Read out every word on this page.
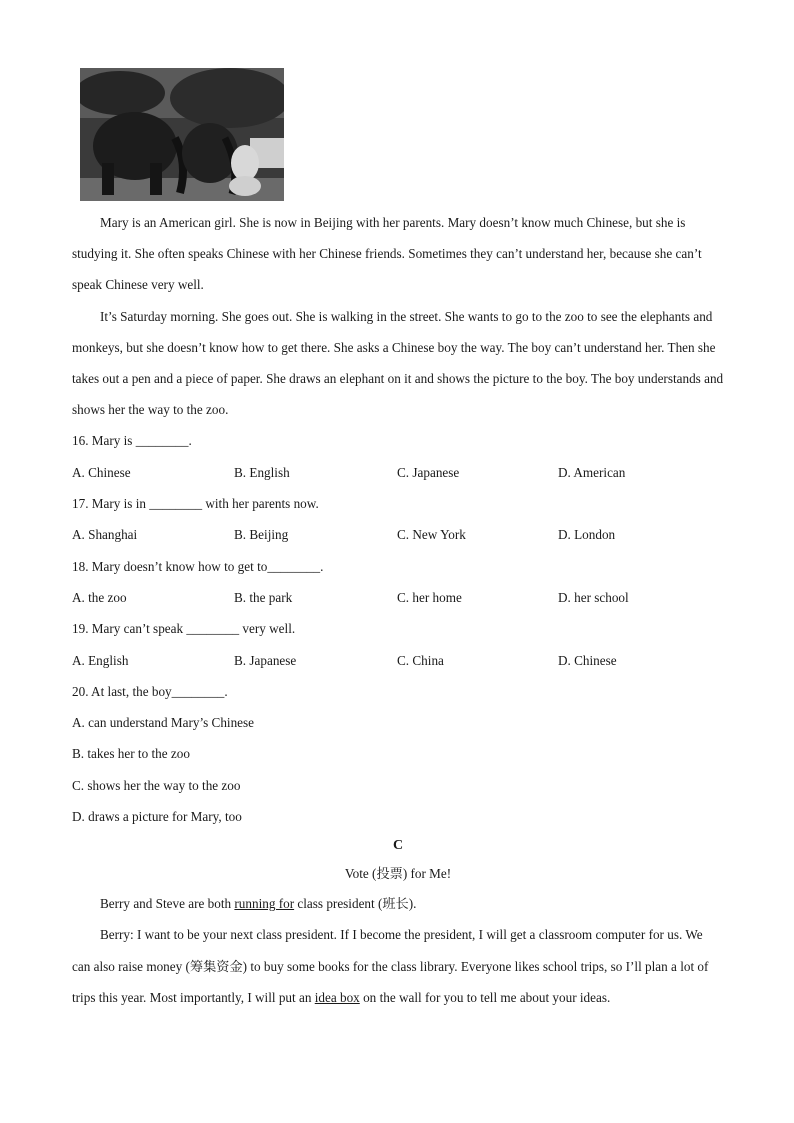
Mary is an American girl. She is now in Beijing with her parents. Mary doesn’t know much Chinese, but she is studying it. She often speaks Chinese with her Chinese friends. Sometimes they can’t understand her, because she can’t speak Chinese very well.

It’s Saturday morning. She goes out. She is walking in the street. She wants to go to the zoo to see the elephants and monkeys, but she doesn’t know how to get there. She asks a Chinese boy the way. The boy can’t understand her. Then she takes out a pen and a piece of paper. She draws an elephant on it and shows the picture to the boy. The boy understands and shows her the way to the zoo.

16. Mary is ________.

A. Chinese	B. English	C. Japanese	D. American

17. Mary is in ________ with her parents now.

A. Shanghai	B. Beijing	C. New York	D. London

18. Mary doesn’t know how to get to________.

A. the zoo	B. the park	C. her home	D. her school

19. Mary can’t speak ________ very well.

A. English	B. Japanese	C. China	D. Chinese

20. At last, the boy________.

A. can understand Mary’s Chinese

B. takes her to the zoo

C. shows her the way to the zoo

D. draws a picture for Mary, too

C

Vote (投票) for Me!

Berry and Steve are both running for class president (班长).

Berry: I want to be your next class president. If I become the president, I will get a classroom computer for us. We can also raise money (筹集资金) to buy some books for the class library. Everyone likes school trips, so I’ll plan a lot of trips this year. Most importantly, I will put an idea box on the wall for you to tell me about your ideas.
